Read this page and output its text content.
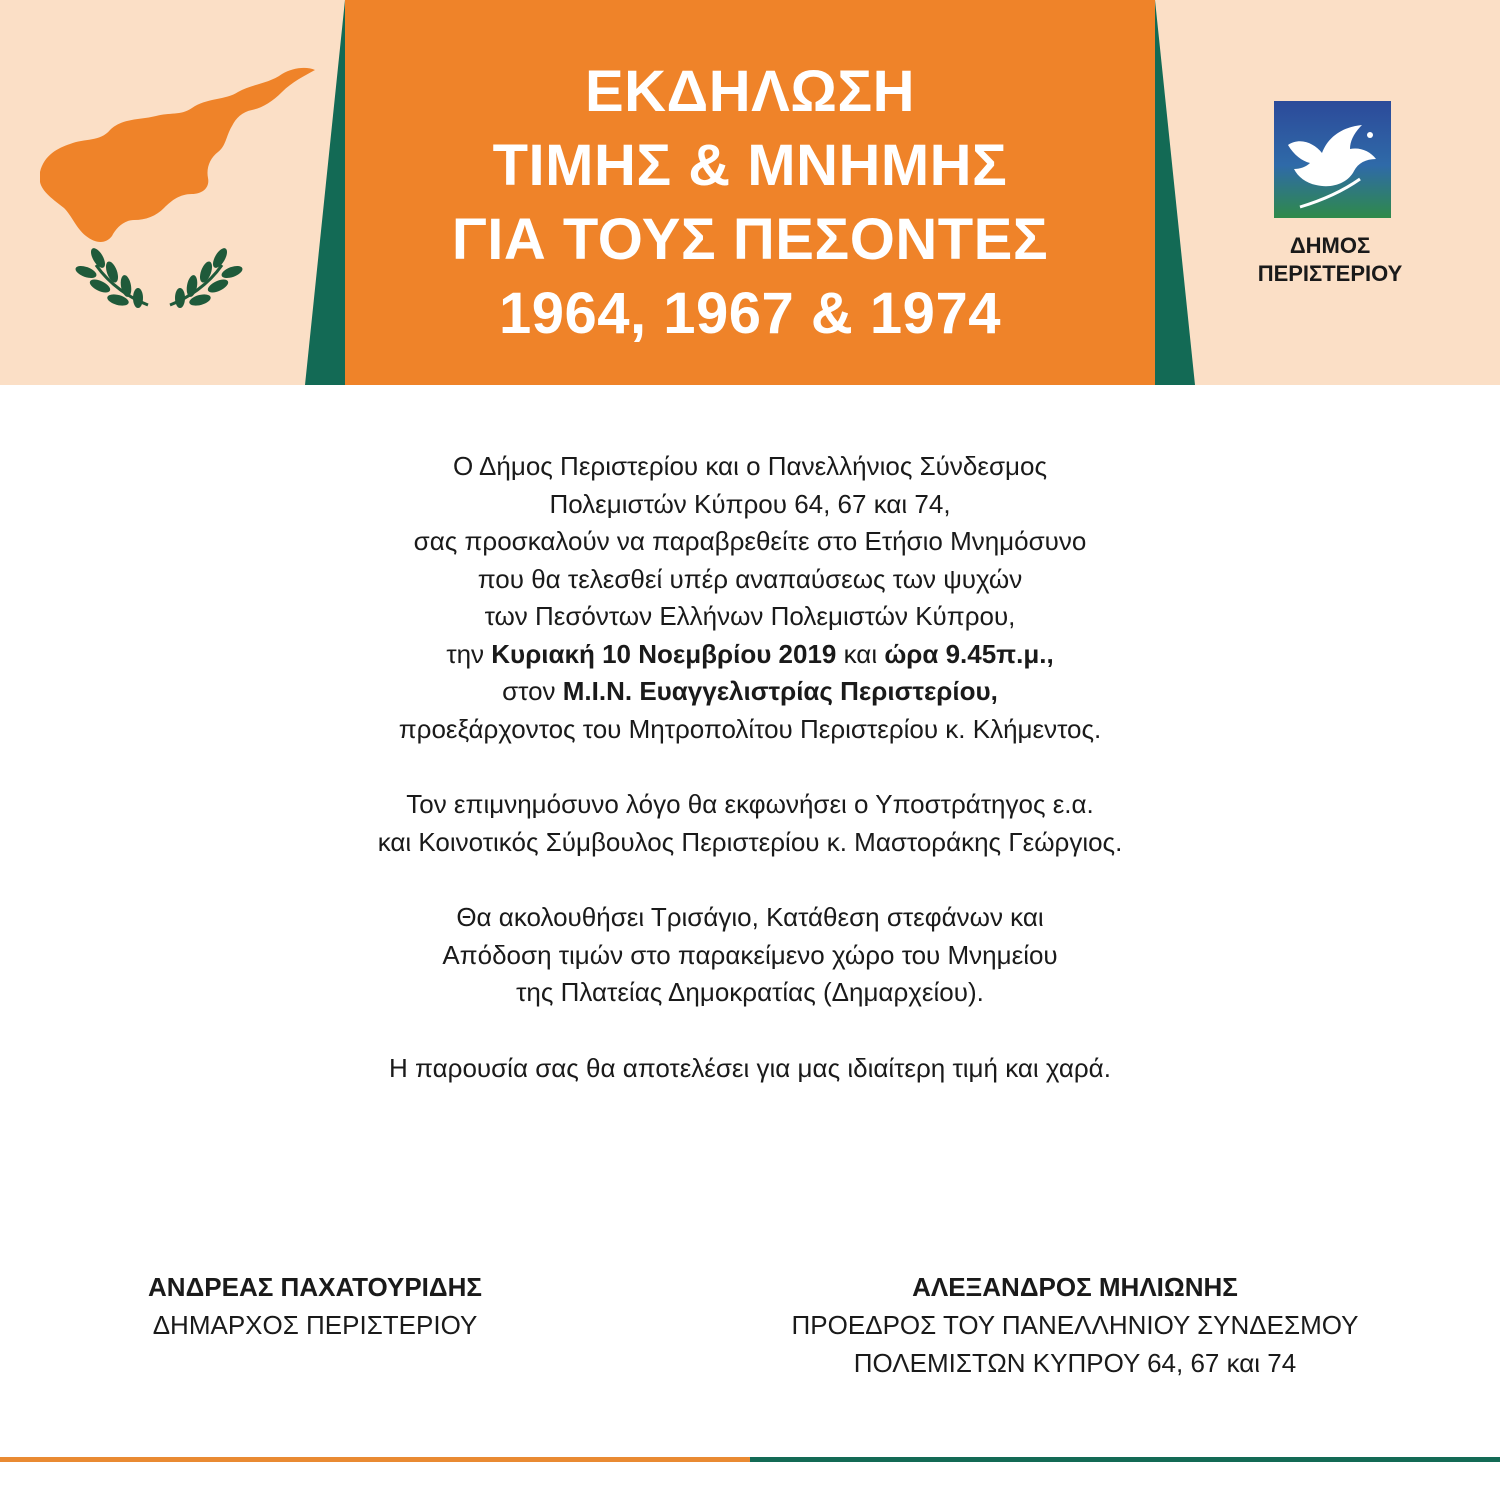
ΕΚΔΗΛΩΣΗ
ΤΙΜΗΣ & ΜΝΗΜΗΣ
ΓΙΑ ΤΟΥΣ ΠΕΣΟΝΤΕΣ
1964, 1967 & 1974
ΔΗΜΟΣ
ΠΕΡΙΣΤΕΡΙΟΥ

Ο Δήμος Περιστερίου και ο Πανελλήνιος Σύνδεσμος

Πολεμιστών Κύπρου 64, 67 και 74,

σας προσκαλούν να παραβρεθείτε στο Ετήσιο Μνημόσυνο

που θα τελεσθεί υπέρ αναπαύσεως των ψυχών

των Πεσόντων Ελλήνων Πολεμιστών Κύπρου,

την Κυριακή 10 Νοεμβρίου 2019 και ώρα 9.45π.μ.,

στον Μ.Ι.Ν. Ευαγγελιστρίας Περιστερίου,

προεξάρχοντος του Μητροπολίτου Περιστερίου κ. Κλήμεντος.

Τον επιμνημόσυνο λόγο θα εκφωνήσει ο Υποστράτηγος ε.α.

και Κοινοτικός Σύμβουλος Περιστερίου κ. Μαστοράκης Γεώργιος.

Θα ακολουθήσει Τρισάγιο, Κατάθεση στεφάνων και

Απόδοση τιμών στο παρακείμενο χώρο του Μνημείου

της Πλατείας Δημοκρατίας (Δημαρχείου).

Η παρουσία σας θα αποτελέσει για μας ιδιαίτερη τιμή και χαρά.

ΑΝΔΡΕΑΣ ΠΑΧΑΤΟΥΡΙΔΗΣ
ΔΗΜΑΡΧΟΣ ΠΕΡΙΣΤΕΡΙΟΥ
ΑΛΕΞΑΝΔΡΟΣ ΜΗΛΙΩΝΗΣ
ΠΡΟΕΔΡΟΣ ΤΟΥ ΠΑΝΕΛΛΗΝΙΟΥ ΣΥΝΔΕΣΜΟΥ
ΠΟΛΕΜΙΣΤΩΝ ΚΥΠΡΟΥ 64, 67 και 74
